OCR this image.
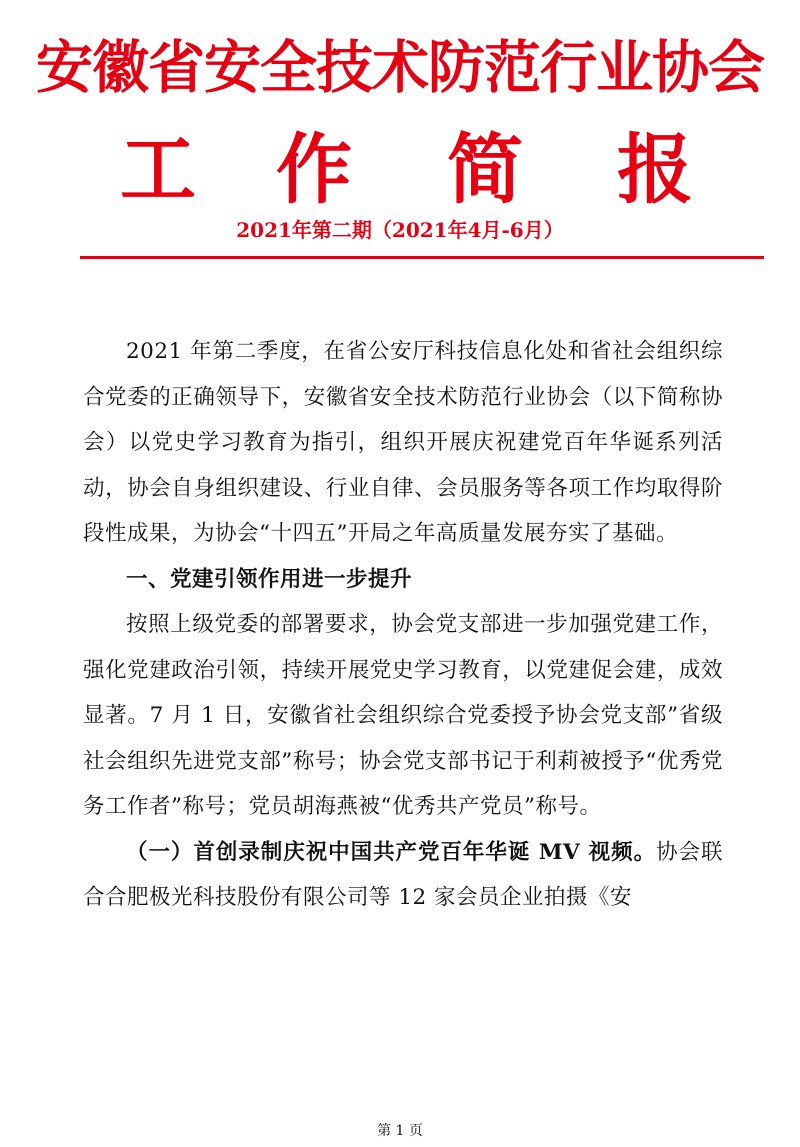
安徽省安全技术防范行业协会
工 作 简 报
2021年第二期（2021年4月-6月）

2021 年第二季度，在省公安厅科技信息化处和省社会组织综合党委的正确领导下，安徽省安全技术防范行业协会（以下简称协会）以党史学习教育为指引，组织开展庆祝建党百年华诞系列活动，协会自身组织建设、行业自律、会员服务等各项工作均取得阶段性成果，为协会“十四五”开局之年高质量发展夯实了基础。

一、党建引领作用进一步提升

按照上级党委的部署要求，协会党支部进一步加强党建工作，强化党建政治引领，持续开展党史学习教育，以党建促会建，成效显著。7 月 1 日，安徽省社会组织综合党委授予协会党支部”省级社会组织先进党支部”称号；协会党支部书记于利莉被授予“优秀党务工作者”称号；党员胡海燕被“优秀共产党员”称号。

（一）首创录制庆祝中国共产党百年华诞 MV 视频。协会联合合肥极光科技股份有限公司等 12 家会员企业拍摄《安

第 1 页
